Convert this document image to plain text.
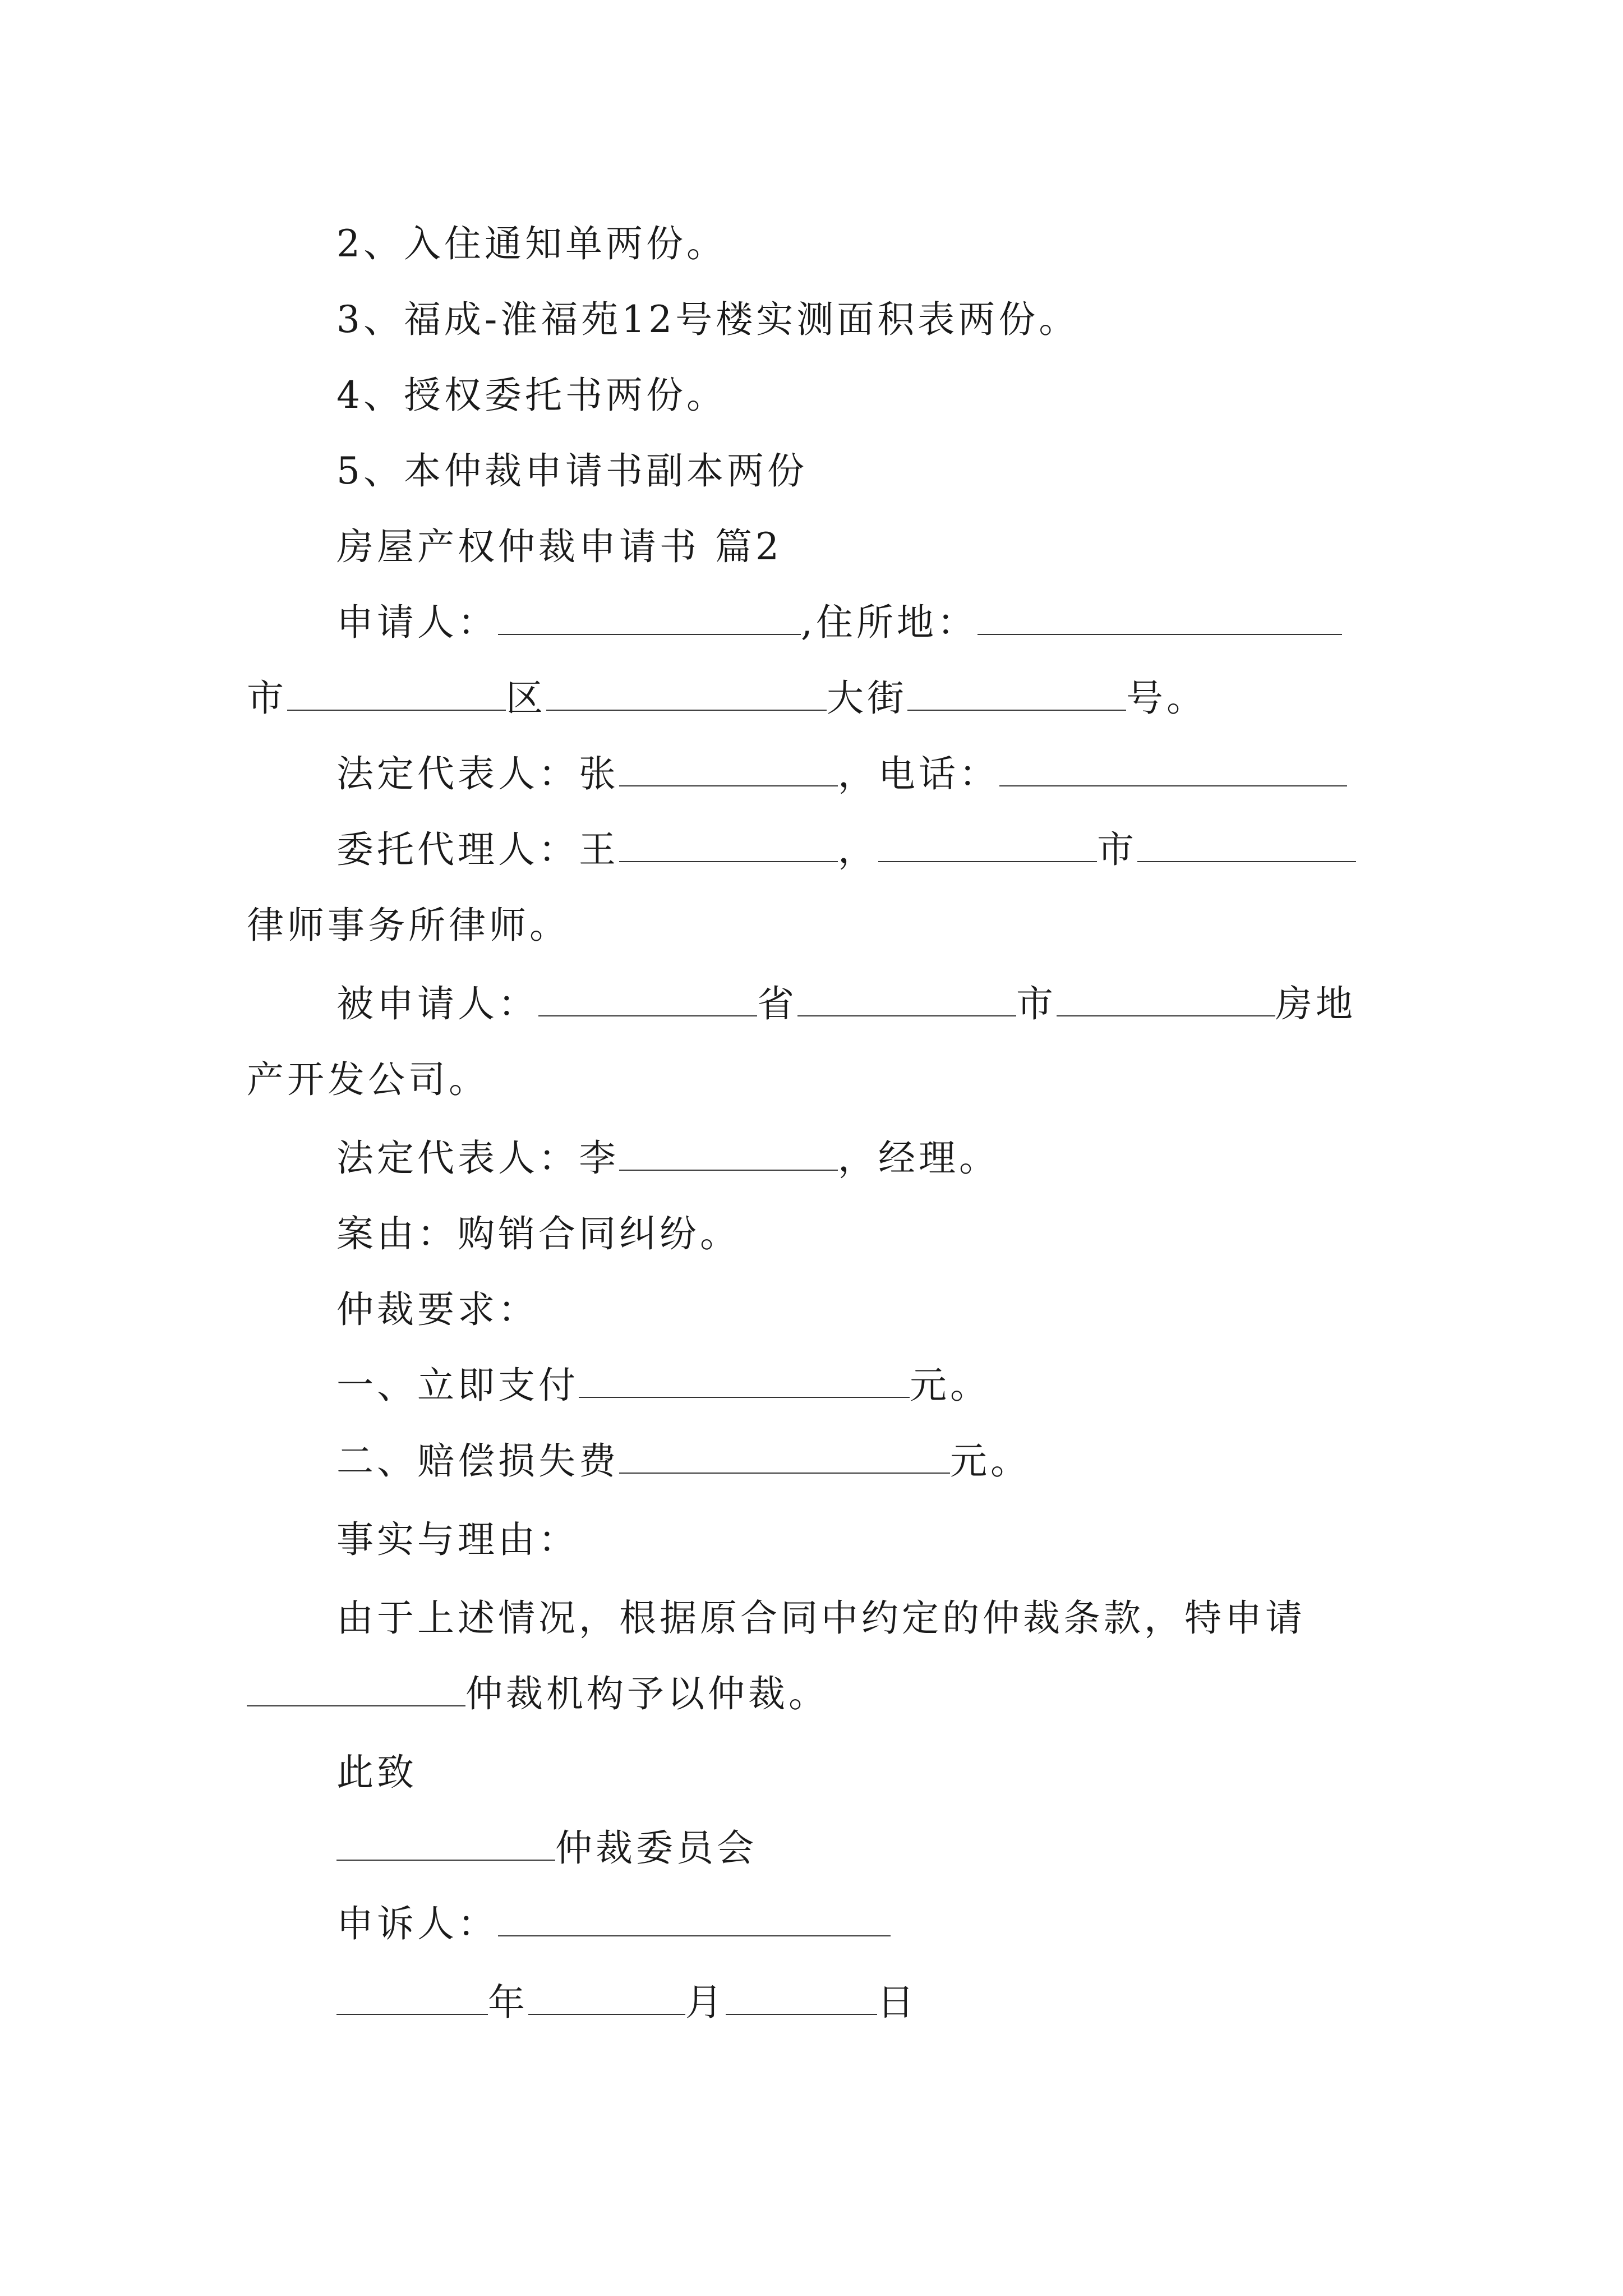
2、入住通知单两份。
3、福成-淮福苑12号楼实测面积表两份。
4、授权委托书两份。
5、本仲裁申请书副本两份
房屋产权仲裁申请书 篇2
申请人：	,住所地：
市	区	大街	号。
法定代表人：张	，电话：
委托代理人：王	，	市
律师事务所律师。
被申请人：	省	市	房地
产开发公司。
法定代表人：李	，经理。
案由：购销合同纠纷。
仲裁要求：
一、立即支付	元。
二、赔偿损失费	元。
事实与理由：
由于上述情况，根据原合同中约定的仲裁条款，特申请
仲裁机构予以仲裁。
此致
仲裁委员会
申诉人：
年	月	日
